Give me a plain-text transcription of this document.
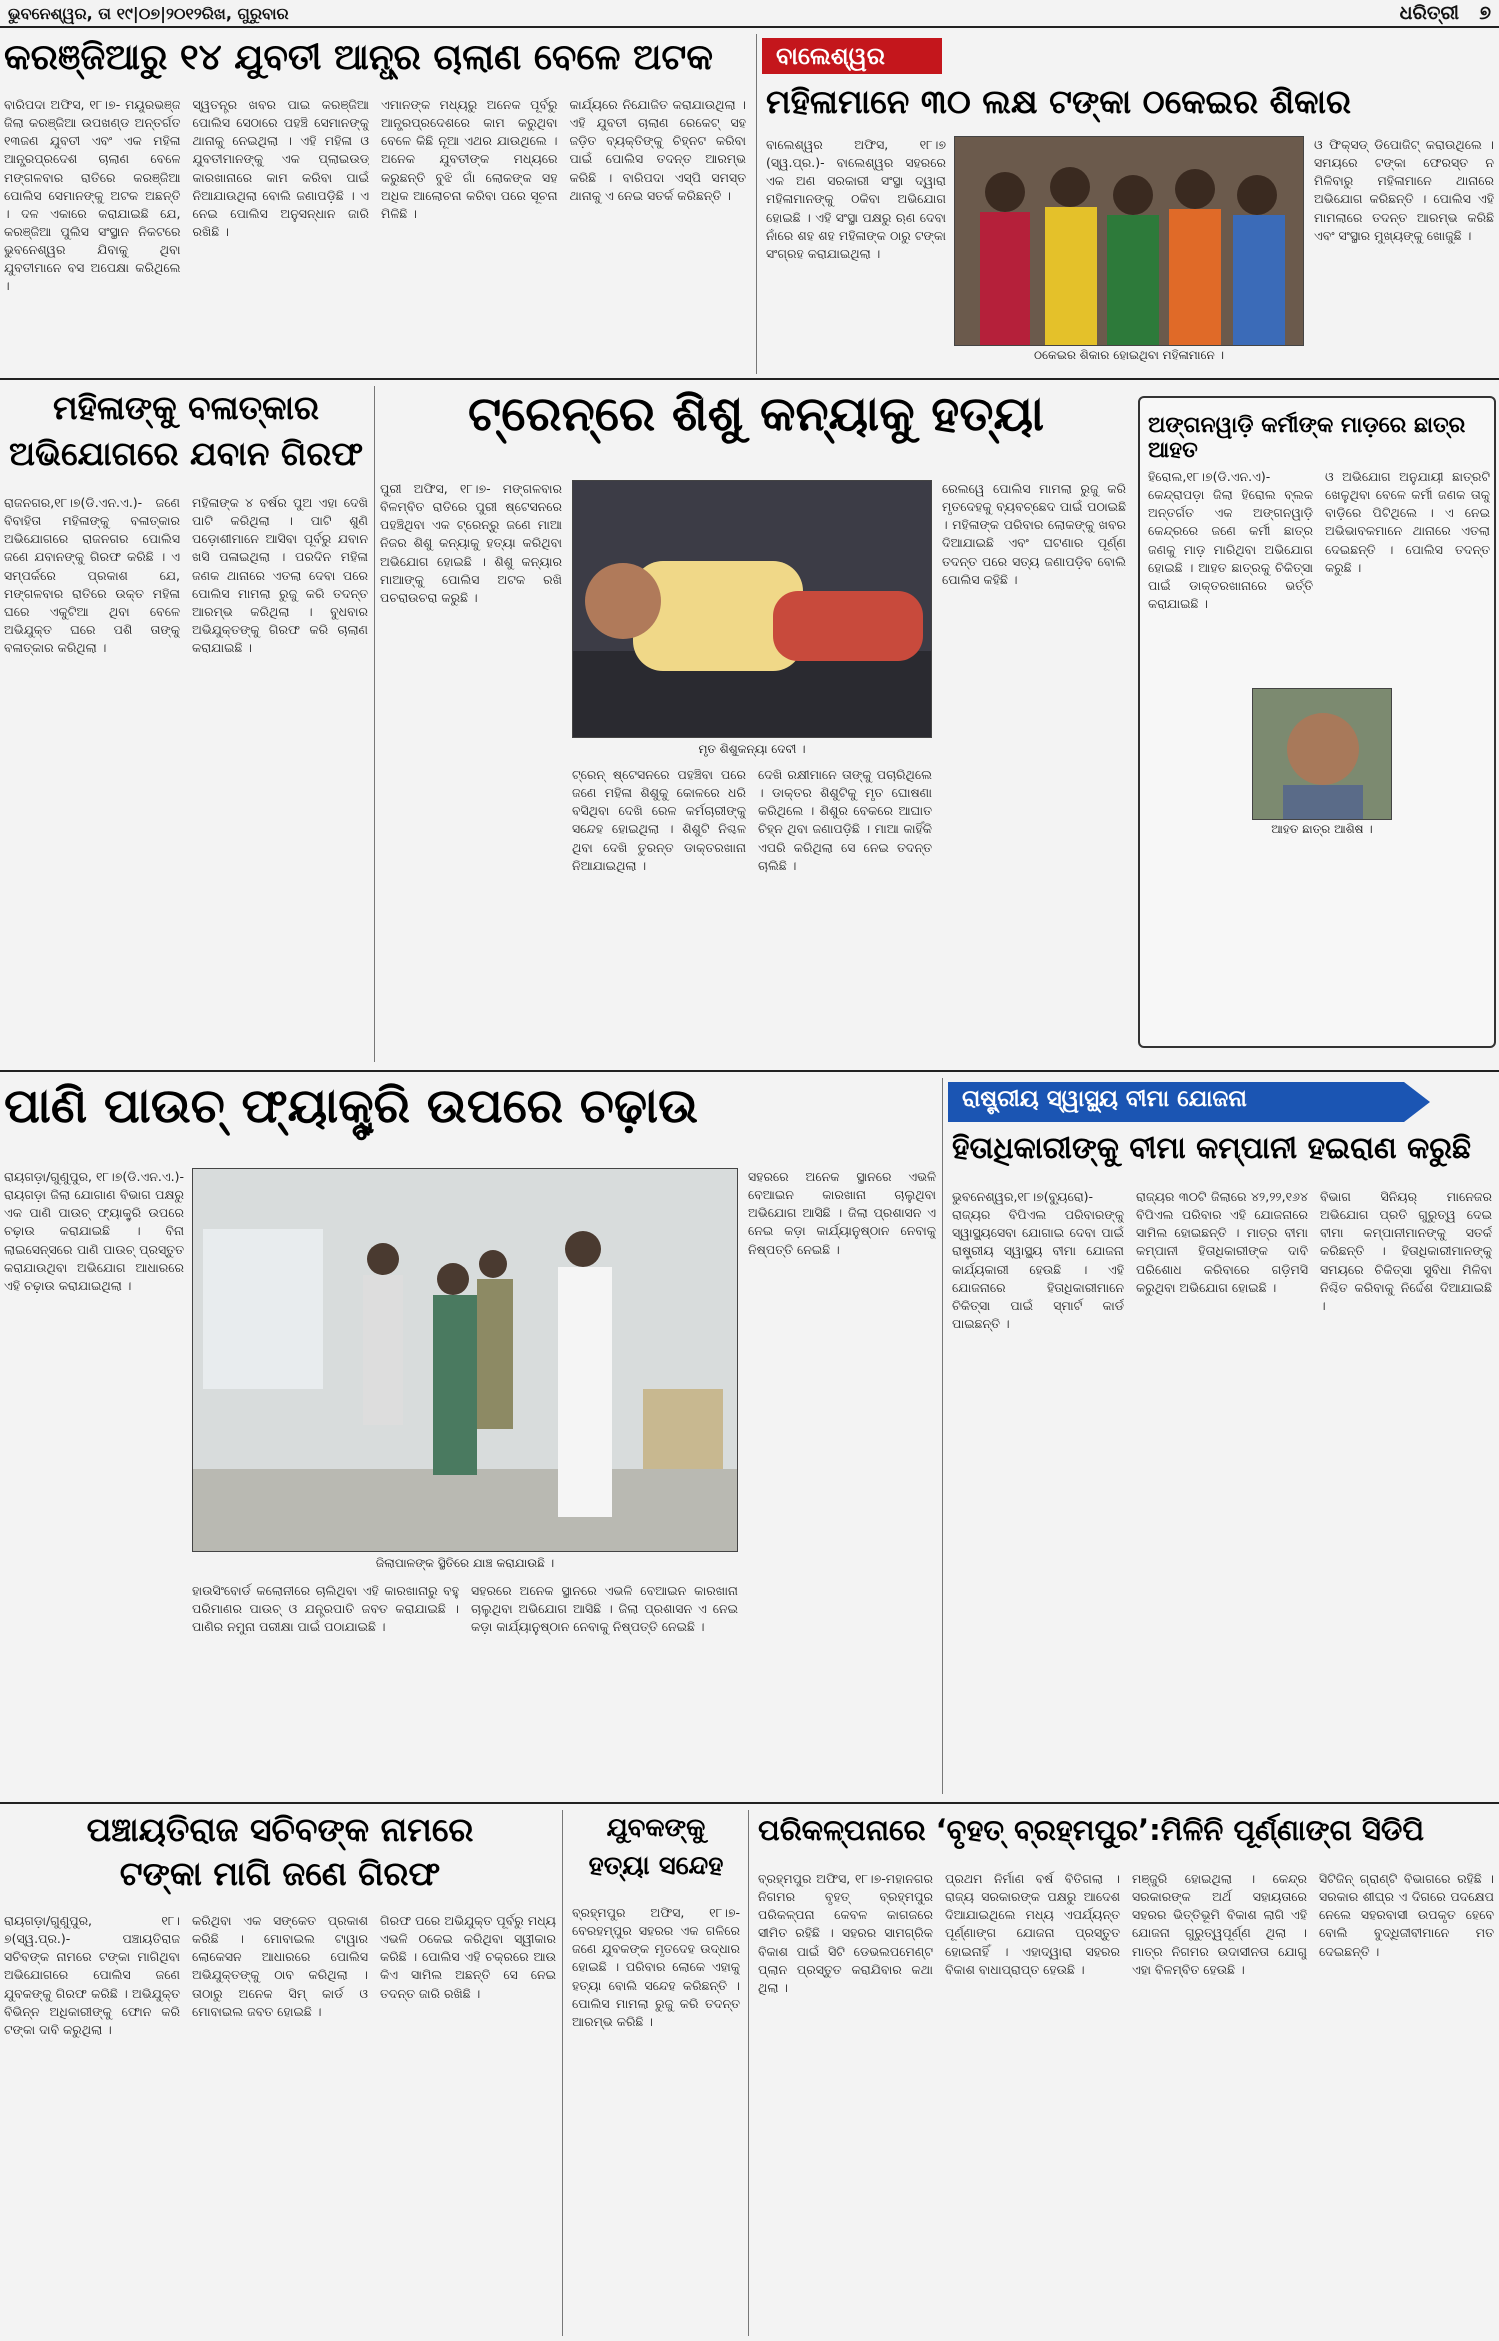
ଭୁବନେଶ୍ୱର, ତା ୧୯|୦୭|୨୦୧୨ରିଖ, ଗୁରୁବାର	ଧରିତ୍ରୀ ୭
କରଞ୍ଜିଆରୁ ୧୪ ଯୁବତୀ ଆନ୍ଧ୍ର ଚାଲାଣ ବେଳେ ଅଟକ
ବାରିପଦା ଅଫିସ, ୧୮।୭- ମୟୂରଭଞ୍ଜ ଜିଲା କରଞ୍ଜିଆ ଉପଖଣ୍ଡ ଅନ୍ତର୍ଗତ ୧୩ଜଣ ଯୁବତୀ ଏବଂ ଏକ ମହିଳା ଆନ୍ଧ୍ରପ୍ରଦେଶ ଚାଲାଣ ବେଳେ ମଙ୍ଗଳବାର ରାତିରେ କରଞ୍ଜିଆ ପୋଲିସ ସେମାନଙ୍କୁ ଅଟକ ଅଛନ୍ତି । ଦଳ ଏକାରେ କରାଯାଇଛି ଯେ, କରଞ୍ଜିଆ ପୁଲିସ ସଂସ୍ଥାନ ନିକଟରେ ଭୁବନେଶ୍ୱର ଯିବାକୁ ଥିବା ଯୁବତୀମାନେ ବସ ଅପେକ୍ଷା କରିଥିଲେ ।
ସ୍ୱତନ୍ତ୍ର ଖବର ପାଇ କରଞ୍ଜିଆ ପୋଲିସ ସେଠାରେ ପହଞ୍ଚି ସେମାନଙ୍କୁ ଥାନାକୁ ନେଇଥିଲା । ଏହି ମହିଳା ଓ ଯୁବତୀମାନଙ୍କୁ ଏକ ପ୍ଲାଇଉଡ୍ କାରଖାନାରେ କାମ କରିବା ପାଇଁ ନିଆଯାଉଥିଲା ବୋଲି ଜଣାପଡ଼ିଛି । ଏ ନେଇ ପୋଲିସ ଅନୁସନ୍ଧାନ ଜାରି ରଖିଛି ।
ଏମାନଙ୍କ ମଧ୍ୟରୁ ଅନେକ ପୂର୍ବରୁ ଆନ୍ଧ୍ରପ୍ରଦେଶରେ କାମ କରୁଥିବା ବେଳେ କିଛି ନୂଆ ଏଥର ଯାଉଥିଲେ । ଅନେକ ଯୁବତୀଙ୍କ ମଧ୍ୟରେ କରୁଛନ୍ତି ବୁଝି ଗାଁ ଲୋକଙ୍କ ସହ ଅଧିକ ଆଲୋଚନା କରିବା ପରେ ସୂଚନା ମିଳିଛି ।
କାର୍ଯ୍ୟରେ ନିଯୋଜିତ କରାଯାଉଥିଲା । ଏହି ଯୁବତୀ ଚାଲାଣ ରେକେଟ୍ ସହ ଜଡ଼ିତ ବ୍ୟକ୍ତିଙ୍କୁ ଚିହ୍ନଟ କରିବା ପାଇଁ ପୋଲିସ ତଦନ୍ତ ଆରମ୍ଭ କରିଛି । ବାରିପଦା ଏସ୍ପି ସମସ୍ତ ଥାନାକୁ ଏ ନେଇ ସତର୍କ କରିଛନ୍ତି ।
ବାଲେଶ୍ୱର
ମହିଳାମାନେ ୩୦ ଲକ୍ଷ ଟଙ୍କା ଠକେଇର ଶିକାର
ବାଲେଶ୍ୱର ଅଫିସ, ୧୮।୭ (ସ୍ୱ.ପ୍ର.)- ବାଲେଶ୍ୱର ସହରରେ ଏକ ଅଣ ସରକାରୀ ସଂସ୍ଥା ଦ୍ୱାରା ମହିଳାମାନଙ୍କୁ ଠକିବା ଅଭିଯୋଗ ହୋଇଛି । ଏହି ସଂସ୍ଥା ପକ୍ଷରୁ ଋଣ ଦେବା ନାଁରେ ଶହ ଶହ ମହିଳାଙ୍କ ଠାରୁ ଟଙ୍କା ସଂଗ୍ରହ କରାଯାଇଥିଲା ।
ଠକେଇର ଶିକାର ହୋଇଥିବା ମହିଳାମାନେ ।
ଓ ଫିକ୍ସଡ୍ ଡିପୋଜିଟ୍ କରାଉଥିଲେ । ସମୟରେ ଟଙ୍କା ଫେରସ୍ତ ନ ମିଳିବାରୁ ମହିଳାମାନେ ଥାନାରେ ଅଭିଯୋଗ କରିଛନ୍ତି । ପୋଲିସ ଏହି ମାମଲାରେ ତଦନ୍ତ ଆରମ୍ଭ କରିଛି ଏବଂ ସଂସ୍ଥାର ମୁଖ୍ୟଙ୍କୁ ଖୋଜୁଛି ।
ମହିଳାଙ୍କୁ ବଳାତ୍କାର
ଅଭିଯୋଗରେ ଯବାନ ଗିରଫ
ରାଜନଗର,୧୮।୭(ଡି.ଏନ.ଏ.)- ଜଣେ ବିବାହିତା ମହିଳାଙ୍କୁ ବଳାତ୍କାର ଅଭିଯୋଗରେ ରାଜନଗର ପୋଲିସ ଜଣେ ଯବାନଙ୍କୁ ଗିରଫ କରିଛି । ଏ ସମ୍ପର୍କରେ ପ୍ରକାଶ ଯେ, ମଙ୍ଗଳବାର ରାତିରେ ଉକ୍ତ ମହିଳା ଘରେ ଏକୁଟିଆ ଥିବା ବେଳେ ଅଭିଯୁକ୍ତ ଘରେ ପଶି ତାଙ୍କୁ ବଳାତ୍କାର କରିଥିଲା ।
ମହିଳାଙ୍କ ୪ ବର୍ଷର ପୁଅ ଏହା ଦେଖି ପାଟି କରିଥିଲା । ପାଟି ଶୁଣି ପଡ଼ୋଶୀମାନେ ଆସିବା ପୂର୍ବରୁ ଯବାନ ଖସି ପଳାଇଥିଲା । ପରଦିନ ମହିଳା ଜଣକ ଥାନାରେ ଏତଲା ଦେବା ପରେ ପୋଲିସ ମାମଲା ରୁଜୁ କରି ତଦନ୍ତ ଆରମ୍ଭ କରିଥିଲା । ବୁଧବାର ଅଭିଯୁକ୍ତଙ୍କୁ ଗିରଫ କରି ଚାଲାଣ କରାଯାଇଛି ।
ଟ୍ରେନ୍‌ରେ ଶିଶୁ କନ୍ୟାକୁ ହତ୍ୟା
ପୁରୀ ଅଫିସ, ୧୮।୭- ମଙ୍ଗଳବାର ବିଳମ୍ବିତ ରାତିରେ ପୁରୀ ଷ୍ଟେସନରେ ପହଞ୍ଚିଥିବା ଏକ ଟ୍ରେନ୍‌ରୁ ଜଣେ ମାଆ ନିଜର ଶିଶୁ କନ୍ୟାକୁ ହତ୍ୟା କରିଥିବା ଅଭିଯୋଗ ହୋଇଛି । ଶିଶୁ କନ୍ୟାର ମାଆଙ୍କୁ ପୋଲିସ ଅଟକ ରଖି ପଚରାଉଚରା କରୁଛି ।
ମୃତ ଶିଶୁକନ୍ୟା ଦେବୀ ।
ଟ୍ରେନ୍ ଷ୍ଟେସନରେ ପହଞ୍ଚିବା ପରେ ଜଣେ ମହିଳା ଶିଶୁକୁ କୋଳରେ ଧରି ବସିଥିବା ଦେଖି ରେଳ କର୍ମଚାରୀଙ୍କୁ ସନ୍ଦେହ ହୋଇଥିଲା । ଶିଶୁଟି ନିଶ୍ଚଳ ଥିବା ଦେଖି ତୁରନ୍ତ ଡାକ୍ତରଖାନା ନିଆଯାଇଥିଲା ।
ଦେଖି ରକ୍ଷୀମାନେ ତାଙ୍କୁ ପଚାରିଥିଲେ । ଡାକ୍ତର ଶିଶୁଟିକୁ ମୃତ ଘୋଷଣା କରିଥିଲେ । ଶିଶୁର ବେକରେ ଆଘାତ ଚିହ୍ନ ଥିବା ଜଣାପଡ଼ିଛି । ମାଆ କାହିଁକି ଏପରି କରିଥିଲା ସେ ନେଇ ତଦନ୍ତ ଚାଲିଛି ।
ରେଲୱେ ପୋଲିସ ମାମଲା ରୁଜୁ କରି ମୃତଦେହକୁ ବ୍ୟବଚ୍ଛେଦ ପାଇଁ ପଠାଇଛି । ମହିଳାଙ୍କ ପରିବାର ଲୋକଙ୍କୁ ଖବର ଦିଆଯାଇଛି ଏବଂ ଘଟଣାର ପୂର୍ଣ୍ଣ ତଦନ୍ତ ପରେ ସତ୍ୟ ଜଣାପଡ଼ିବ ବୋଲି ପୋଲିସ କହିଛି ।
ଅଙ୍ଗନୱାଡ଼ି କର୍ମୀଙ୍କ ମାଡ଼ରେ ଛାତ୍ର ଆହତ
ହିରୋଲ,୧୮।୭(ଡି.ଏନ.ଏ)- କେନ୍ଦ୍ରାପଡ଼ା ଜିଲା ହିରୋଲ ବ୍ଲକ ଅନ୍ତର୍ଗତ ଏକ ଅଙ୍ଗନୱାଡ଼ି କେନ୍ଦ୍ରରେ ଜଣେ କର୍ମୀ ଛାତ୍ର ଜଣକୁ ମାଡ଼ ମାରିଥିବା ଅଭିଯୋଗ ହୋଇଛି । ଆହତ ଛାତ୍ରକୁ ଚିକିତ୍ସା ପାଇଁ ଡାକ୍ତରଖାନାରେ ଭର୍ତ୍ତି କରାଯାଇଛି ।
ଓ ଅଭିଯୋଗ ଅନୁଯାୟୀ ଛାତ୍ରଟି ଖେଳୁଥିବା ବେଳେ କର୍ମୀ ଜଣକ ତାକୁ ବାଡ଼ିରେ ପିଟିଥିଲେ । ଏ ନେଇ ଅଭିଭାବକମାନେ ଥାନାରେ ଏତଲା ଦେଇଛନ୍ତି । ପୋଲିସ ତଦନ୍ତ କରୁଛି ।
ଆହତ ଛାତ୍ର ଆଶିଷ ।
ପାଣି ପାଉଚ୍ ଫ୍ୟାକ୍ଟ୍ରି ଉପରେ ଚଢ଼ାଉ
ରାୟଗଡ଼ା/ଗୁଣୁପୁର, ୧୮।୭(ଡି.ଏନ.ଏ.)- ରାୟଗଡ଼ା ଜିଲା ଯୋଗାଣ ବିଭାଗ ପକ୍ଷରୁ ଏକ ପାଣି ପାଉଚ୍ ଫ୍ୟାକ୍ଟ୍ରି ଉପରେ ଚଢ଼ାଉ କରାଯାଇଛି । ବିନା ଲାଇସେନ୍ସରେ ପାଣି ପାଉଚ୍ ପ୍ରସ୍ତୁତ କରାଯାଉଥିବା ଅଭିଯୋଗ ଆଧାରରେ ଏହି ଚଢ଼ାଉ କରାଯାଇଥିଲା ।
ଜିଲାପାଳଙ୍କ ସ୍ଥିତିରେ ଯାଞ୍ଚ କରାଯାଉଛି ।
ହାଉସିଂବୋର୍ଡ କଲୋନୀରେ ଚାଲିଥିବା ଏହି କାରଖାନାରୁ ବହୁ ପରିମାଣର ପାଉଚ୍ ଓ ଯନ୍ତ୍ରପାତି ଜବତ କରାଯାଇଛି । ପାଣିର ନମୁନା ପରୀକ୍ଷା ପାଇଁ ପଠାଯାଇଛି ।
ସହରରେ ଅନେକ ସ୍ଥାନରେ ଏଭଳି ବେଆଇନ କାରଖାନା ଚାଲୁଥିବା ଅଭିଯୋଗ ଆସିଛି । ଜିଲା ପ୍ରଶାସନ ଏ ନେଇ କଡ଼ା କାର୍ଯ୍ୟାନୁଷ୍ଠାନ ନେବାକୁ ନିଷ୍ପତ୍ତି ନେଇଛି ।
ସହରରେ ଅନେକ ସ୍ଥାନରେ ଏଭଳି ବେଆଇନ କାରଖାନା ଚାଲୁଥିବା ଅଭିଯୋଗ ଆସିଛି । ଜିଲା ପ୍ରଶାସନ ଏ ନେଇ କଡ଼ା କାର୍ଯ୍ୟାନୁଷ୍ଠାନ ନେବାକୁ ନିଷ୍ପତ୍ତି ନେଇଛି ।
ରାଷ୍ଟ୍ରୀୟ ସ୍ୱାସ୍ଥ୍ୟ ବୀମା ଯୋଜନା
ହିତାଧିକାରୀଙ୍କୁ ବୀମା କମ୍ପାନୀ ହଇରାଣ କରୁଛି
ଭୁବନେଶ୍ୱର,୧୮।୭(ବ୍ୟୁରୋ)- ରାଜ୍ୟର ବିପିଏଲ ପରିବାରଙ୍କୁ ସ୍ୱାସ୍ଥ୍ୟସେବା ଯୋଗାଇ ଦେବା ପାଇଁ ରାଷ୍ଟ୍ରୀୟ ସ୍ୱାସ୍ଥ୍ୟ ବୀମା ଯୋଜନା କାର୍ଯ୍ୟକାରୀ ହେଉଛି । ଏହି ଯୋଜନାରେ ହିତାଧିକାରୀମାନେ ଚିକିତ୍ସା ପାଇଁ ସ୍ମାର୍ଟ କାର୍ଡ ପାଇଛନ୍ତି ।
ରାଜ୍ୟର ୩୦ଟି ଜିଲାରେ ୪୨,୨୨,୧୬୪ ବିପିଏଲ ପରିବାର ଏହି ଯୋଜନାରେ ସାମିଲ ହୋଇଛନ୍ତି । ମାତ୍ର ବୀମା କମ୍ପାନୀ ହିତାଧିକାରୀଙ୍କ ଦାବି ପରିଶୋଧ କରିବାରେ ଗଡ଼ିମସି କରୁଥିବା ଅଭିଯୋଗ ହୋଇଛି ।
ବିଭାଗ ସିନିୟର୍ ମାନେଜର ଅଭିଯୋଗ ପ୍ରତି ଗୁରୁତ୍ୱ ଦେଇ ବୀମା କମ୍ପାନୀମାନଙ୍କୁ ସତର୍କ କରିଛନ୍ତି । ହିତାଧିକାରୀମାନଙ୍କୁ ସମୟରେ ଚିକିତ୍ସା ସୁବିଧା ମିଳିବା ନିଶ୍ଚିତ କରିବାକୁ ନିର୍ଦ୍ଦେଶ ଦିଆଯାଇଛି ।
ପଞ୍ଚାୟତିରାଜ ସଚିବଙ୍କ ନାମରେ
ଟଙ୍କା ମାଗି ଜଣେ ଗିରଫ
ରାୟଗଡ଼ା/ଗୁଣୁପୁର, ୧୮।୭(ସ୍ୱ.ପ୍ର.)- ପଞ୍ଚାୟତିରାଜ ସଚିବଙ୍କ ନାମରେ ଟଙ୍କା ମାଗିଥିବା ଅଭିଯୋଗରେ ପୋଲିସ ଜଣେ ଯୁବକଙ୍କୁ ଗିରଫ କରିଛି । ଅଭିଯୁକ୍ତ ବିଭିନ୍ନ ଅଧିକାରୀଙ୍କୁ ଫୋନ କରି ଟଙ୍କା ଦାବି କରୁଥିଲା ।
କରିଥିବା ଏକ ସଙ୍କେତ ପ୍ରକାଶ କରିଛି । ମୋବାଇଲ ଟାୱାର ଲୋକେସନ ଆଧାରରେ ପୋଲିସ ଅଭିଯୁକ୍ତଙ୍କୁ ଠାବ କରିଥିଲା । ତାଠାରୁ ଅନେକ ସିମ୍ କାର୍ଡ ଓ ମୋବାଇଲ ଜବତ ହୋଇଛି ।
ଗିରଫ ପରେ ଅଭିଯୁକ୍ତ ପୂର୍ବରୁ ମଧ୍ୟ ଏଭଳି ଠକେଇ କରିଥିବା ସ୍ୱୀକାର କରିଛି । ପୋଲିସ ଏହି ଚକ୍ରରେ ଆଉ କିଏ ସାମିଲ ଅଛନ୍ତି ସେ ନେଇ ତଦନ୍ତ ଜାରି ରଖିଛି ।
ଯୁବକଙ୍କୁ
ହତ୍ୟା ସନ୍ଦେହ
ବ୍ରହ୍ମପୁର ଅଫିସ, ୧୮।୭- ବେରହମ୍ପୁର ସହରର ଏକ ଗଳିରେ ଜଣେ ଯୁବକଙ୍କ ମୃତଦେହ ଉଦ୍ଧାର ହୋଇଛି । ପରିବାର ଲୋକେ ଏହାକୁ ହତ୍ୟା ବୋଲି ସନ୍ଦେହ କରିଛନ୍ତି । ପୋଲିସ ମାମଲା ରୁଜୁ କରି ତଦନ୍ତ ଆରମ୍ଭ କରିଛି ।
ପରିକଳ୍ପନାରେ ‘ବୃହତ୍ ବ୍ରହ୍ମପୁର’:ମିଳିନି ପୂର୍ଣ୍ଣାଙ୍ଗ ସିଡିପି
ବ୍ରହ୍ମପୁର ଅଫିସ, ୧୮।୭-ମହାନଗର ନିଗମର ବୃହତ୍ ବ୍ରହ୍ମପୁର ପରିକଳ୍ପନା କେବଳ କାଗଜରେ ସୀମିତ ରହିଛି । ସହରର ସାମଗ୍ରିକ ବିକାଶ ପାଇଁ ସିଟି ଡେଭଲପମେଣ୍ଟ ପ୍ଲାନ ପ୍ରସ୍ତୁତ କରାଯିବାର କଥା ଥିଲା ।
ପ୍ରଥମ ନିର୍ମାଣ ବର୍ଷ ବିତିଗଲା । ରାଜ୍ୟ ସରକାରଙ୍କ ପକ୍ଷରୁ ଆଦେଶ ଦିଆଯାଇଥିଲେ ମଧ୍ୟ ଏପର୍ଯ୍ୟନ୍ତ ପୂର୍ଣ୍ଣାଙ୍ଗ ଯୋଜନା ପ୍ରସ୍ତୁତ ହୋଇନାହିଁ । ଏହାଦ୍ୱାରା ସହରର ବିକାଶ ବାଧାପ୍ରାପ୍ତ ହେଉଛି ।
ମଞ୍ଜୁରି ହୋଇଥିଲା । କେନ୍ଦ୍ର ସରକାରଙ୍କ ଅର୍ଥ ସହାୟତାରେ ସହରର ଭିତ୍ତିଭୂମି ବିକାଶ ଲାଗି ଏହି ଯୋଜନା ଗୁରୁତ୍ୱପୂର୍ଣ୍ଣ ଥିଲା । ମାତ୍ର ନିଗମର ଉଦାସୀନତା ଯୋଗୁ ଏହା ବିଳମ୍ବିତ ହେଉଛି ।
ସିଟିଜିନ୍ ଗ୍ରାଣ୍ଟି ବିଭାଗରେ ରହିଛି । ସରକାର ଶୀଘ୍ର ଏ ଦିଗରେ ପଦକ୍ଷେପ ନେଲେ ସହରବାସୀ ଉପକୃତ ହେବେ ବୋଲି ବୁଦ୍ଧିଜୀବୀମାନେ ମତ ଦେଇଛନ୍ତି ।
